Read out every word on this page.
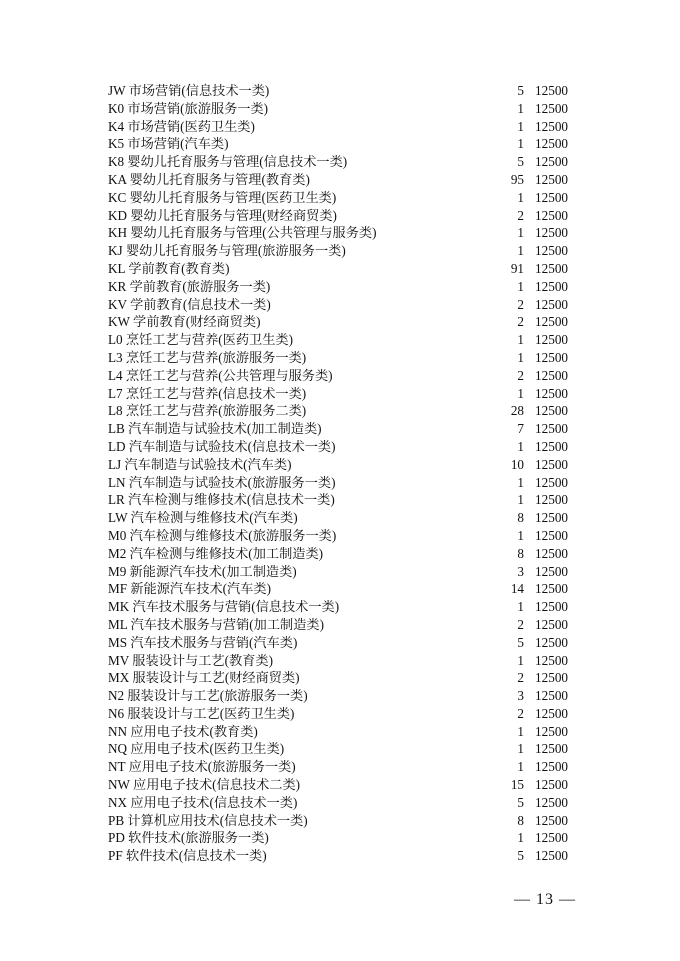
JW 市场营销(信息技术一类)	5 12500
K0 市场营销(旅游服务一类)	1 12500
K4 市场营销(医药卫生类)	1 12500
K5 市场营销(汽车类)	1 12500
K8 婴幼儿托育服务与管理(信息技术一类)	5 12500
KA 婴幼儿托育服务与管理(教育类)	95 12500
KC 婴幼儿托育服务与管理(医药卫生类)	1 12500
KD 婴幼儿托育服务与管理(财经商贸类)	2 12500
KH 婴幼儿托育服务与管理(公共管理与服务类)	1 12500
KJ 婴幼儿托育服务与管理(旅游服务一类)	1 12500
KL 学前教育(教育类)	91 12500
KR 学前教育(旅游服务一类)	1 12500
KV 学前教育(信息技术一类)	2 12500
KW 学前教育(财经商贸类)	2 12500
L0 烹饪工艺与营养(医药卫生类)	1 12500
L3 烹饪工艺与营养(旅游服务一类)	1 12500
L4 烹饪工艺与营养(公共管理与服务类)	2 12500
L7 烹饪工艺与营养(信息技术一类)	1 12500
L8 烹饪工艺与营养(旅游服务二类)	28 12500
LB 汽车制造与试验技术(加工制造类)	7 12500
LD 汽车制造与试验技术(信息技术一类)	1 12500
LJ 汽车制造与试验技术(汽车类)	10 12500
LN 汽车制造与试验技术(旅游服务一类)	1 12500
LR 汽车检测与维修技术(信息技术一类)	1 12500
LW 汽车检测与维修技术(汽车类)	8 12500
M0 汽车检测与维修技术(旅游服务一类)	1 12500
M2 汽车检测与维修技术(加工制造类)	8 12500
M9 新能源汽车技术(加工制造类)	3 12500
MF 新能源汽车技术(汽车类)	14 12500
MK 汽车技术服务与营销(信息技术一类)	1 12500
ML 汽车技术服务与营销(加工制造类)	2 12500
MS 汽车技术服务与营销(汽车类)	5 12500
MV 服装设计与工艺(教育类)	1 12500
MX 服装设计与工艺(财经商贸类)	2 12500
N2 服装设计与工艺(旅游服务一类)	3 12500
N6 服装设计与工艺(医药卫生类)	2 12500
NN 应用电子技术(教育类)	1 12500
NQ 应用电子技术(医药卫生类)	1 12500
NT 应用电子技术(旅游服务一类)	1 12500
NW 应用电子技术(信息技术二类)	15 12500
NX 应用电子技术(信息技术一类)	5 12500
PB 计算机应用技术(信息技术一类)	8 12500
PD 软件技术(旅游服务一类)	1 12500
PF 软件技术(信息技术一类)	5 12500
— 13 —
